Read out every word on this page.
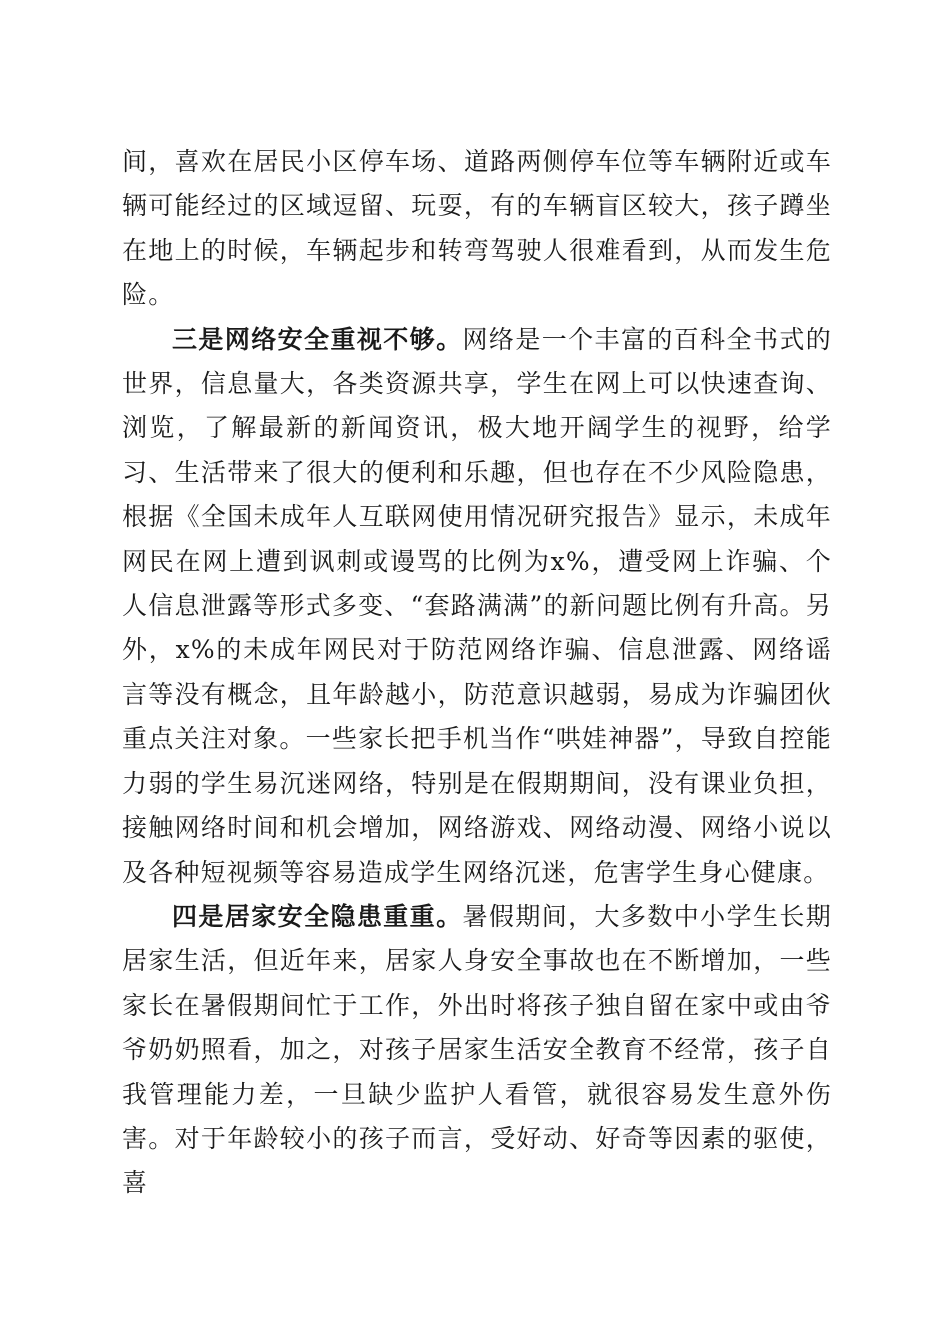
间，喜欢在居民小区停车场、道路两侧停车位等车辆附近或车辆可能经过的区域逗留、玩耍，有的车辆盲区较大，孩子蹲坐在地上的时候，车辆起步和转弯驾驶人很难看到，从而发生危险。

三是网络安全重视不够。网络是一个丰富的百科全书式的世界，信息量大，各类资源共享，学生在网上可以快速查询、浏览，了解最新的新闻资讯，极大地开阔学生的视野，给学习、生活带来了很大的便利和乐趣，但也存在不少风险隐患，根据《全国未成年人互联网使用情况研究报告》显示，未成年网民在网上遭到讽刺或谩骂的比例为x%，遭受网上诈骗、个人信息泄露等形式多变、“套路满满”的新问题比例有升高。另外，x%的未成年网民对于防范网络诈骗、信息泄露、网络谣言等没有概念，且年龄越小，防范意识越弱，易成为诈骗团伙重点关注对象。一些家长把手机当作“哄娃神器”，导致自控能力弱的学生易沉迷网络，特别是在假期期间，没有课业负担，接触网络时间和机会增加，网络游戏、网络动漫、网络小说以及各种短视频等容易造成学生网络沉迷，危害学生身心健康。

四是居家安全隐患重重。暑假期间，大多数中小学生长期居家生活，但近年来，居家人身安全事故也在不断增加，一些家长在暑假期间忙于工作，外出时将孩子独自留在家中或由爷爷奶奶照看，加之，对孩子居家生活安全教育不经常，孩子自我管理能力差，一旦缺少监护人看管，就很容易发生意外伤害。对于年龄较小的孩子而言，受好动、好奇等因素的驱使，喜
